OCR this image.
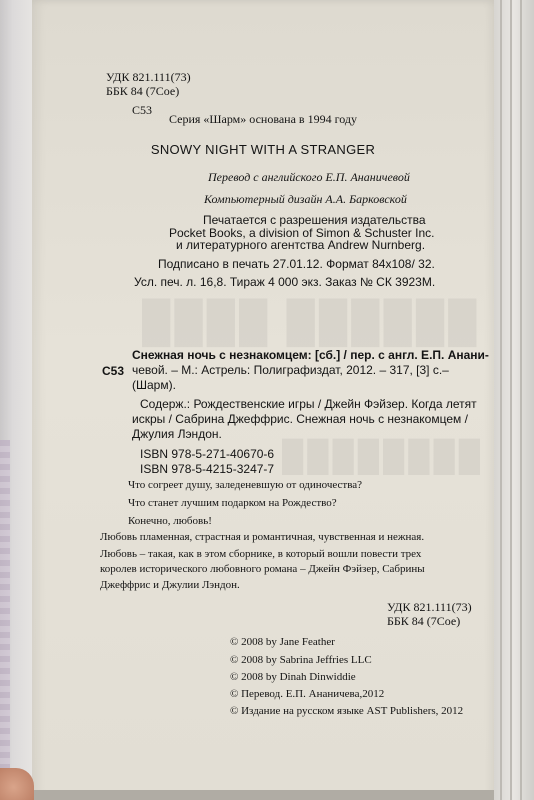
████ ██████
████████
УДК 821.111(73)
ББК 84 (7Сое)
С53
Серия «Шарм» основана в 1994 году
SNOWY NIGHT WITH A STRANGER
Перевод с английского Е.П. Ананичевой
Компьютерный дизайн А.А. Барковской
Печатается с разрешения издательства
Pocket Books, a division of Simon & Schuster Inc.
и литературного агентства Andrew Nurnberg.
Подписано в печать 27.01.12. Формат 84x108/ 32.
Усл. печ. л. 16,8. Тираж 4 000 экз. Заказ № СК 3923М.
Снежная ночь с незнакомцем: [сб.] / пер. с англ. Е.П. Анани-
С53 чевой. – М.: Астрель: Полиграфиздат, 2012. – 317, [3] с.–
(Шарм).
Содерж.: Рождественские игры / Джейн Фэйзер. Когда летят
искры / Сабрина Джеффрис. Снежная ночь с незнакомцем /
Джулия Лэндон.
ISBN 978-5-271-40670-6
ISBN 978-5-4215-3247-7
Что согреет душу, заледеневшую от одиночества?
Что станет лучшим подарком на Рождество?
Конечно, любовь!
Любовь пламенная, страстная и романтичная, чувственная и нежная.
Любовь – такая, как в этом сборнике, в который вошли повести трех
королев исторического любовного романа – Джейн Фэйзер, Сабрины
Джеффрис и Джулии Лэндон.
УДК 821.111(73)
ББК 84 (7Сое)
© 2008 by Jane Feather
© 2008 by Sabrina Jeffries LLC
© 2008 by Dinah Dinwiddie
© Перевод. Е.П. Ананичева,2012
© Издание на русском языке AST Publishers, 2012
